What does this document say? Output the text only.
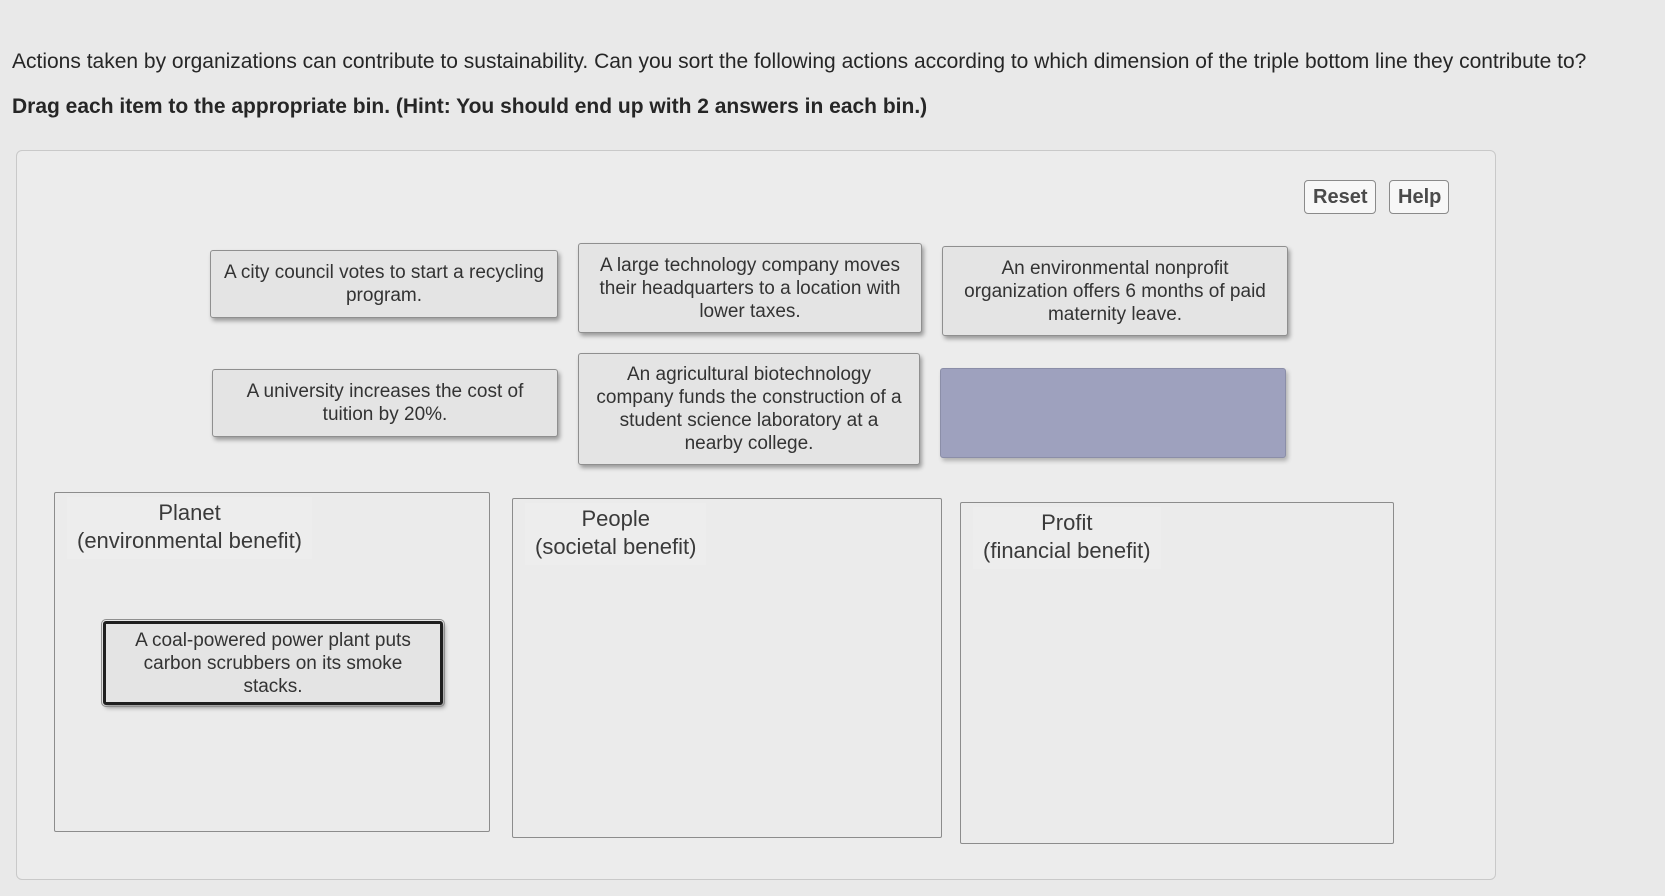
Actions taken by organizations can contribute to sustainability. Can you sort the following actions according to which dimension of the triple bottom line they contribute to?
Drag each item to the appropriate bin. (Hint: You should end up with 2 answers in each bin.)
Reset	Help
A city council votes to start a recycling program.
A large technology company moves their headquarters to a location with lower taxes.
An environmental nonprofit organization offers 6 months of paid maternity leave.
A university increases the cost of tuition by 20%.
An agricultural biotechnology company funds the construction of a student science laboratory at a nearby college.
Planet
(environmental benefit)
A coal-powered power plant puts carbon scrubbers on its smoke stacks.
People
(societal benefit)
Profit
(financial benefit)
